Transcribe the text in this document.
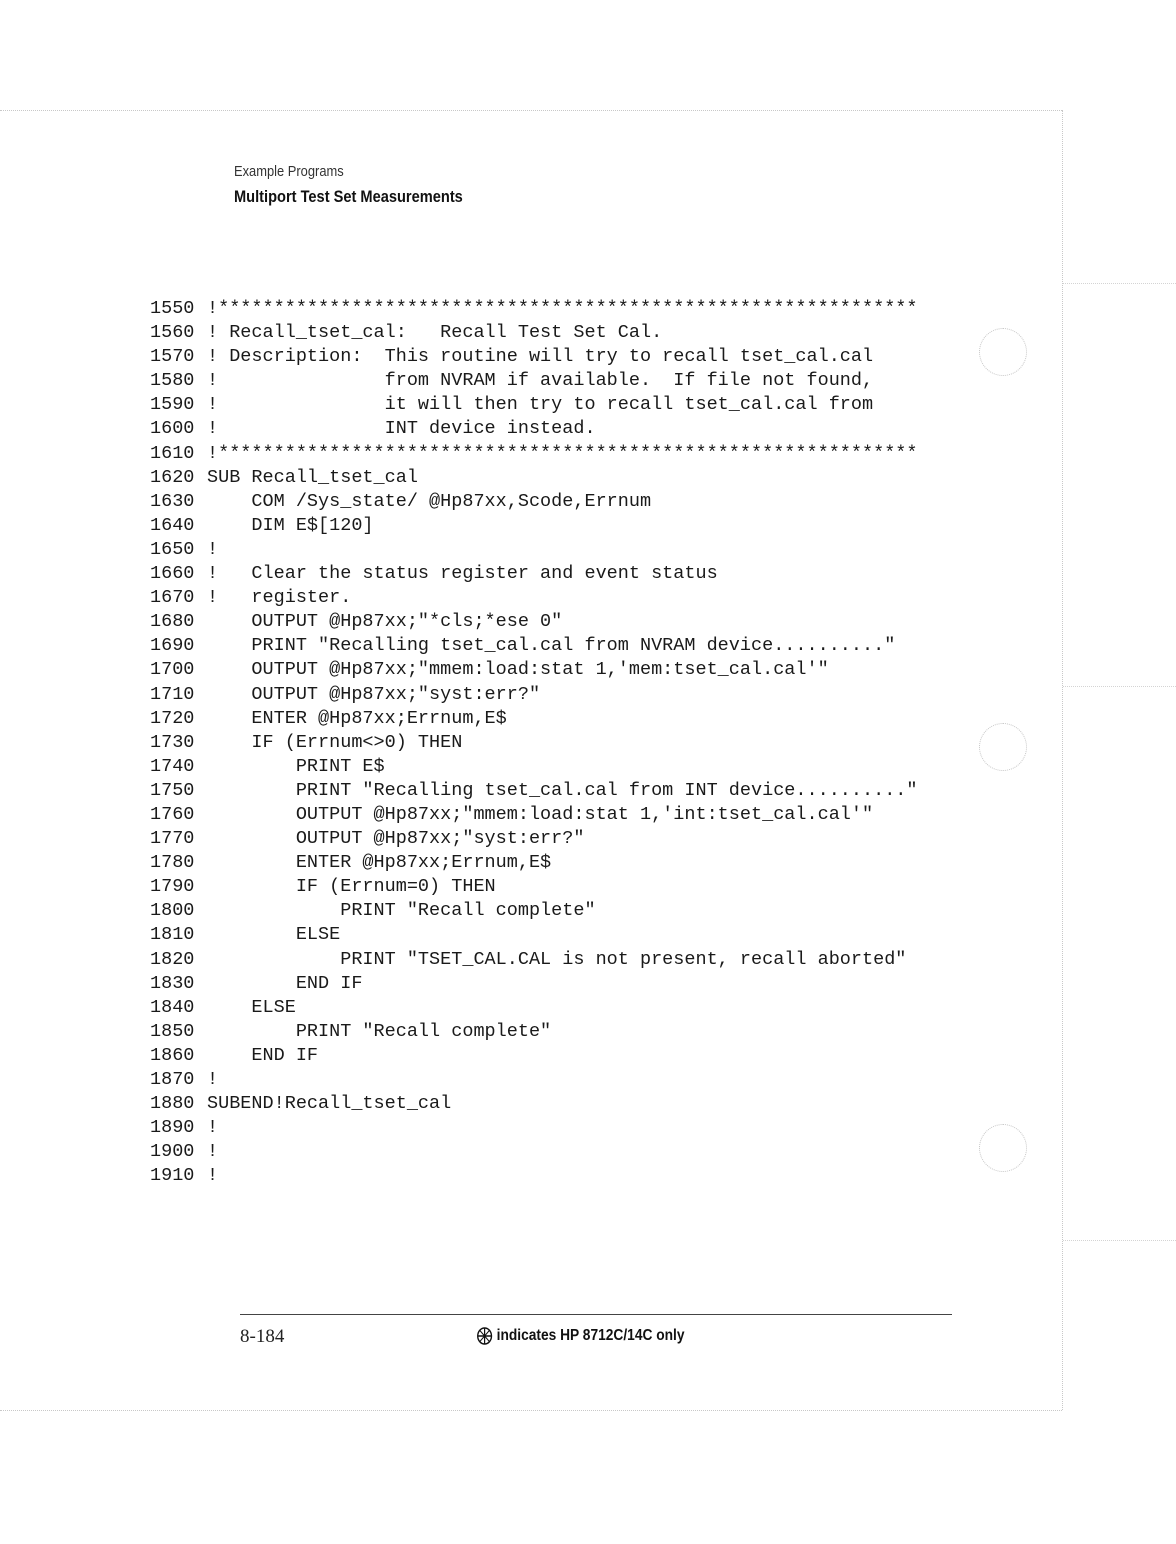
Example Programs
Multiport Test Set Measurements
1550 !***************************************************************
1560 ! Recall_tset_cal:   Recall Test Set Cal.
1570 ! Description:  This routine will try to recall tset_cal.cal
1580 !               from NVRAM if available.  If file not found,
1590 !               it will then try to recall tset_cal.cal from
1600 !               INT device instead.
1610 !***************************************************************
1620 SUB Recall_tset_cal
1630    COM /Sys_state/ @Hp87xx,Scode,Errnum
1640    DIM E$[120]
1650 !
1660 !   Clear the status register and event status
1670 !   register.
1680    OUTPUT @Hp87xx;"*cls;*ese 0"
1690    PRINT "Recalling tset_cal.cal from NVRAM device.........."
1700    OUTPUT @Hp87xx;"mmem:load:stat 1,'mem:tset_cal.cal'"
1710    OUTPUT @Hp87xx;"syst:err?"
1720    ENTER @Hp87xx;Errnum,E$
1730    IF (Errnum<>0) THEN
1740        PRINT E$
1750        PRINT "Recalling tset_cal.cal from INT device.........."
1760        OUTPUT @Hp87xx;"mmem:load:stat 1,'int:tset_cal.cal'"
1770        OUTPUT @Hp87xx;"syst:err?"
1780        ENTER @Hp87xx;Errnum,E$
1790        IF (Errnum=0) THEN
1800            PRINT "Recall complete"
1810        ELSE
1820            PRINT "TSET_CAL.CAL is not present, recall aborted"
1830        END IF
1840    ELSE
1850        PRINT "Recall complete"
1860    END IF
1870 !
1880 SUBEND!Recall_tset_cal
1890 !
1900 !
1910 !
8-184	indicates HP 8712C/14C only
